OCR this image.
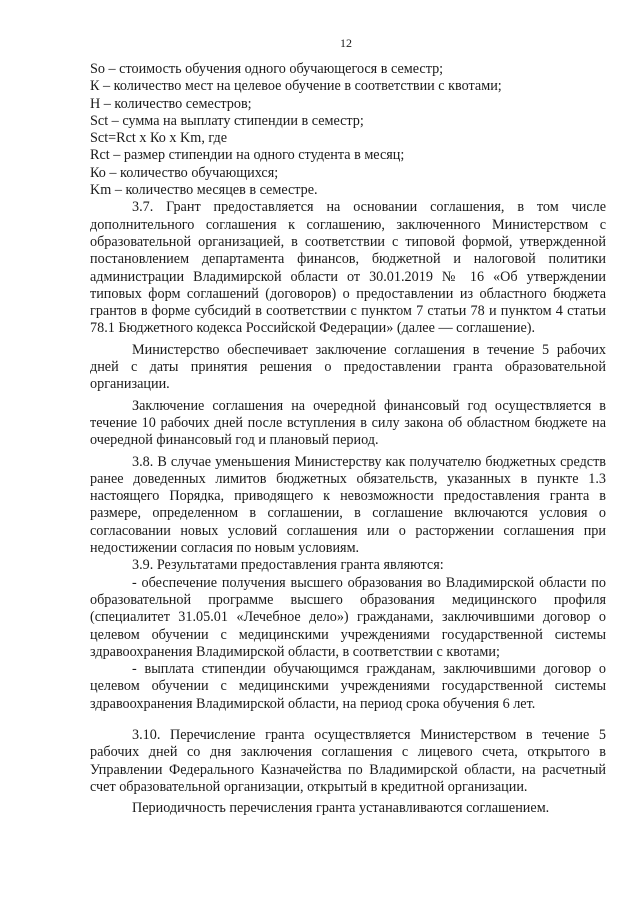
12

So – стоимость обучения одного обучающегося в семестр;

К – количество мест на целевое обучение в соответствии с квотами;

Н – количество семестров;

Sct – сумма на выплату стипендии в семестр;

Sct=Rct х Ко х Km, где

Rct – размер стипендии на одного студента в месяц;

Ко – количество обучающихся;

Km – количество месяцев в семестре.

3.7. Грант предоставляется на основании соглашения, в том числе дополнительного соглашения к соглашению, заключенного Министерством с образовательной организацией, в соответствии с типовой формой, утвержденной постановлением департамента финансов, бюджетной и налоговой политики администрации Владимирской области от 30.01.2019 № 16 «Об утверждении типовых форм соглашений (договоров) о предоставлении из областного бюджета грантов в форме субсидий в соответствии с пунктом 7 статьи 78 и пунктом 4 статьи 78.1 Бюджетного кодекса Российской Федерации» (далее — соглашение).

Министерство обеспечивает заключение соглашения в течение 5 рабочих дней с даты принятия решения о предоставлении гранта образовательной организации.

Заключение соглашения на очередной финансовый год осуществляется в течение 10 рабочих дней после вступления в силу закона об областном бюджете на очередной финансовый год и плановый период.

3.8. В случае уменьшения Министерству как получателю бюджетных средств ранее доведенных лимитов бюджетных обязательств, указанных в пункте 1.3 настоящего Порядка, приводящего к невозможности предоставления гранта в размере, определенном в соглашении, в соглашение включаются условия о согласовании новых условий соглашения или о расторжении соглашения при недостижении согласия по новым условиям.

3.9. Результатами предоставления гранта являются:

- обеспечение получения высшего образования во Владимирской области по образовательной программе высшего образования медицинского профиля (специалитет 31.05.01 «Лечебное дело») гражданами, заключившими договор о целевом обучении с медицинскими учреждениями государственной системы здравоохранения Владимирской области, в соответствии с квотами;

- выплата стипендии обучающимся гражданам, заключившими договор о целевом обучении с медицинскими учреждениями государственной системы здравоохранения Владимирской области, на период срока обучения 6 лет.

3.10. Перечисление гранта осуществляется Министерством в течение 5 рабочих дней со дня заключения соглашения с лицевого счета, открытого в Управлении Федерального Казначейства по Владимирской области, на расчетный счет образовательной организации, открытый в кредитной организации.

Периодичность перечисления гранта устанавливаются соглашением.
